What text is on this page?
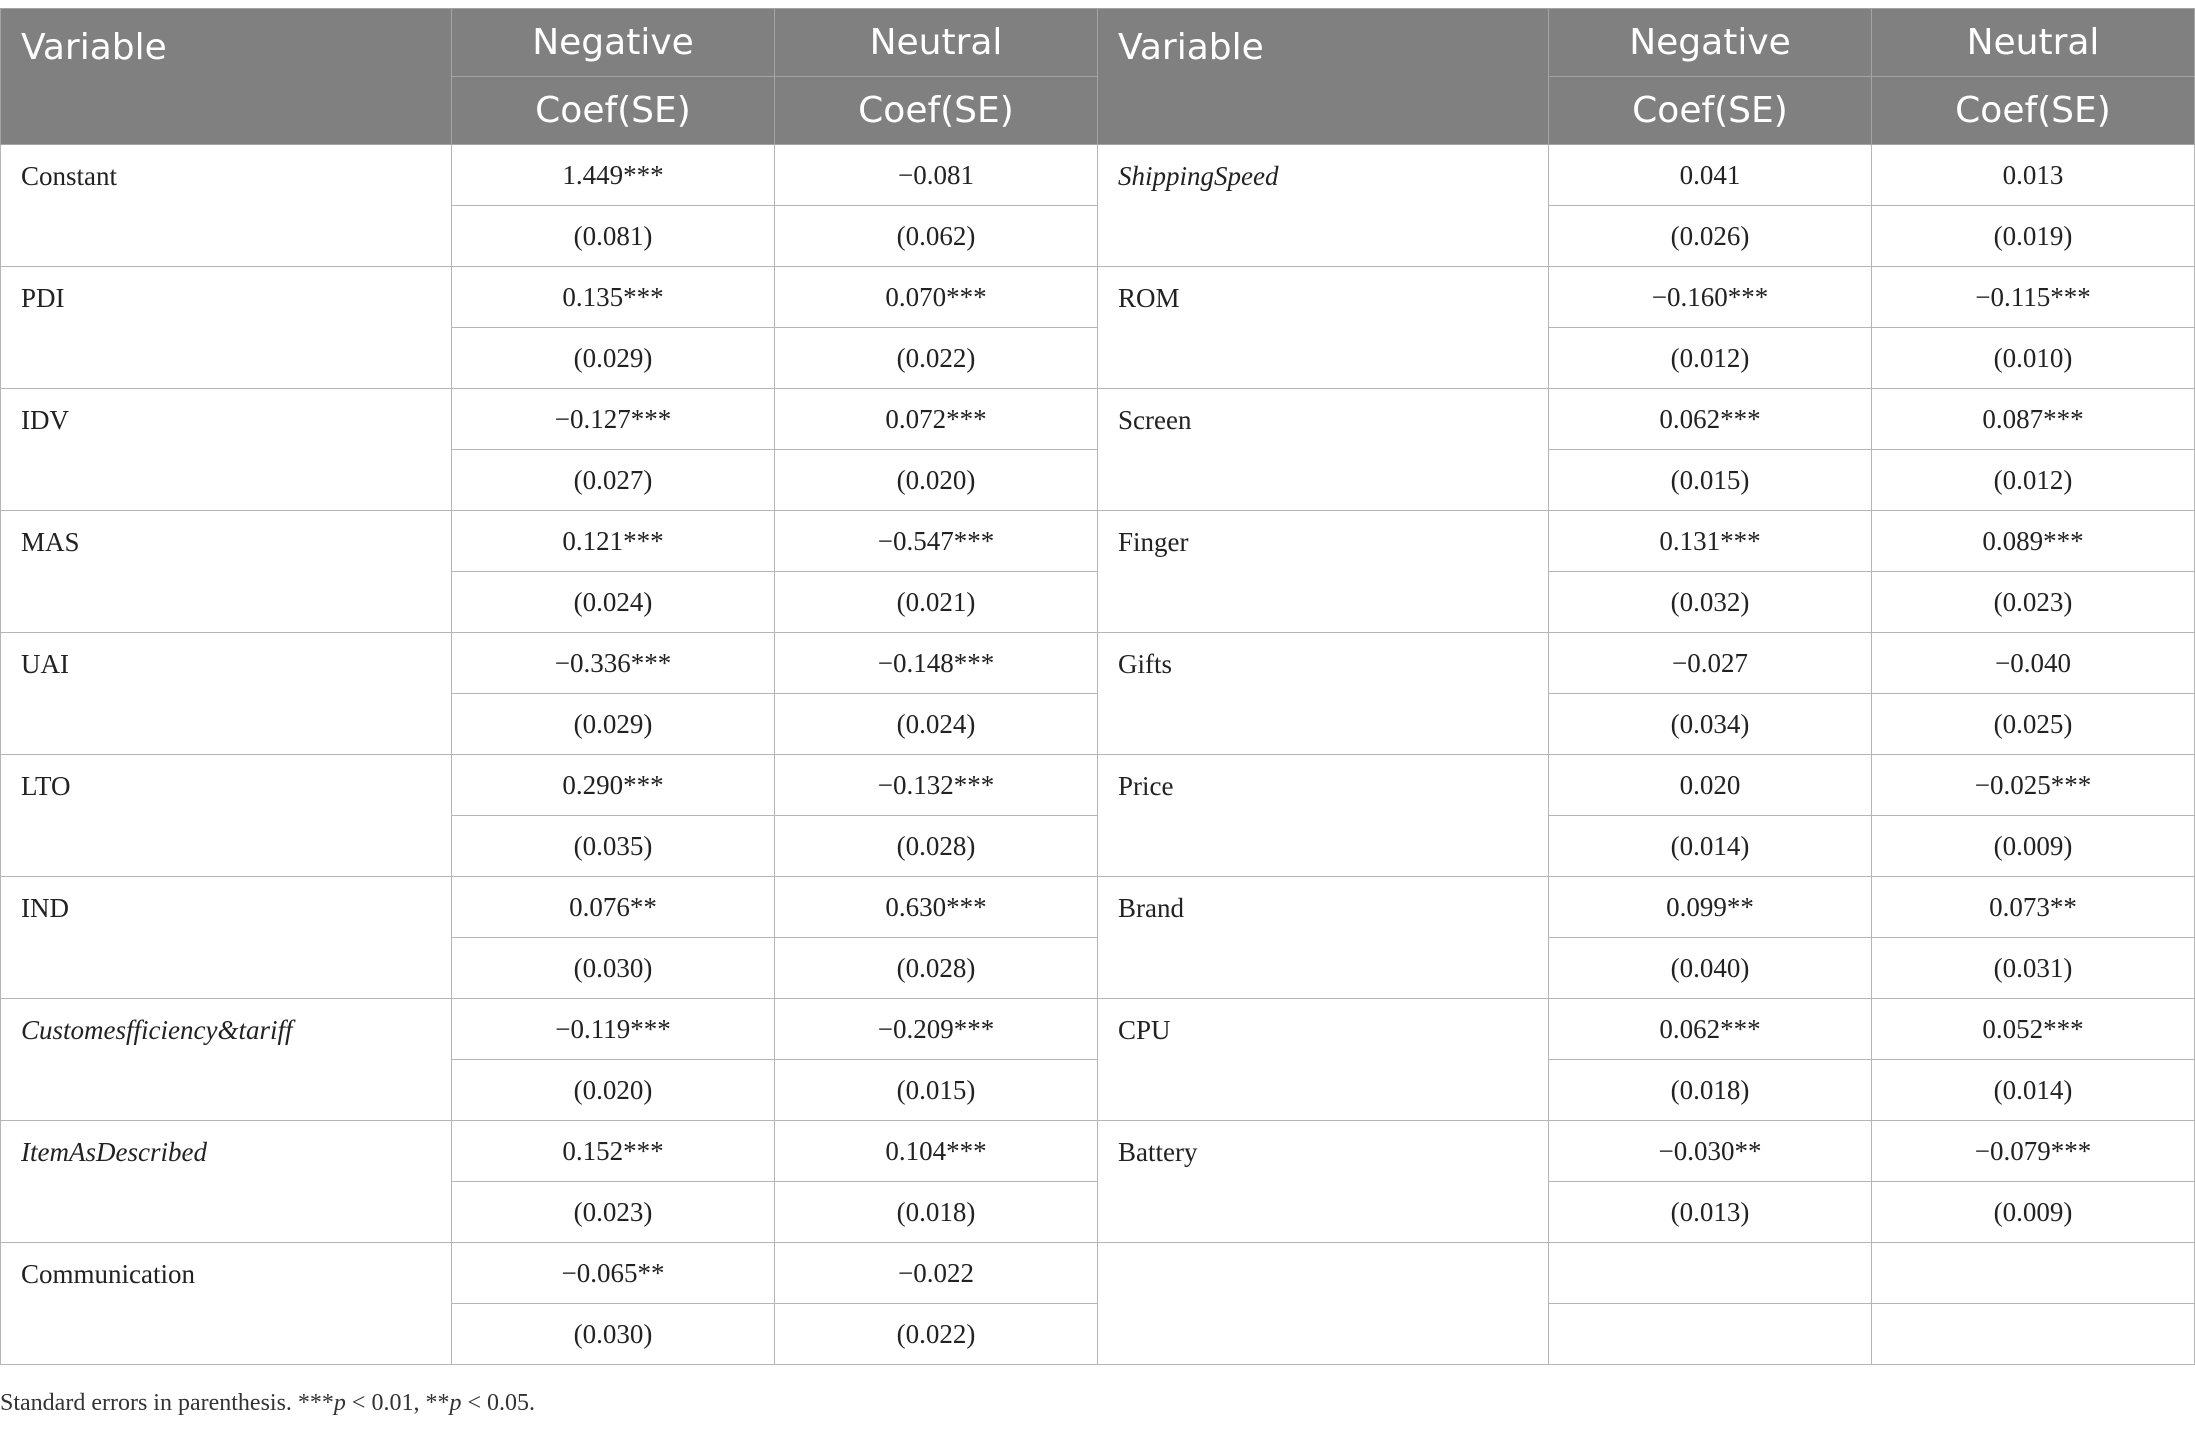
Variable	Negative	Neutral	Variable	Negative	Neutral
	Coef(SE)	Coef(SE)		Coef(SE)	Coef(SE)
Constant	1.449***	−0.081	ShippingSpeed	0.041	0.013
	(0.081)	(0.062)		(0.026)	(0.019)
PDI	0.135***	0.070***	ROM	−0.160***	−0.115***
	(0.029)	(0.022)		(0.012)	(0.010)
IDV	−0.127***	0.072***	Screen	0.062***	0.087***
	(0.027)	(0.020)		(0.015)	(0.012)
MAS	0.121***	−0.547***	Finger	0.131***	0.089***
	(0.024)	(0.021)		(0.032)	(0.023)
UAI	−0.336***	−0.148***	Gifts	−0.027	−0.040
	(0.029)	(0.024)		(0.034)	(0.025)
LTO	0.290***	−0.132***	Price	0.020	−0.025***
	(0.035)	(0.028)		(0.014)	(0.009)
IND	0.076**	0.630***	Brand	0.099**	0.073**
	(0.030)	(0.028)		(0.040)	(0.031)
Customesfficiency&tariff	−0.119***	−0.209***	CPU	0.062***	0.052***
	(0.020)	(0.015)		(0.018)	(0.014)
ItemAsDescribed	0.152***	0.104***	Battery	−0.030**	−0.079***
	(0.023)	(0.018)		(0.013)	(0.009)
Communication	−0.065**	−0.022			
	(0.030)	(0.022)			
Standard errors in parenthesis. ***p < 0.01, **p < 0.05.
